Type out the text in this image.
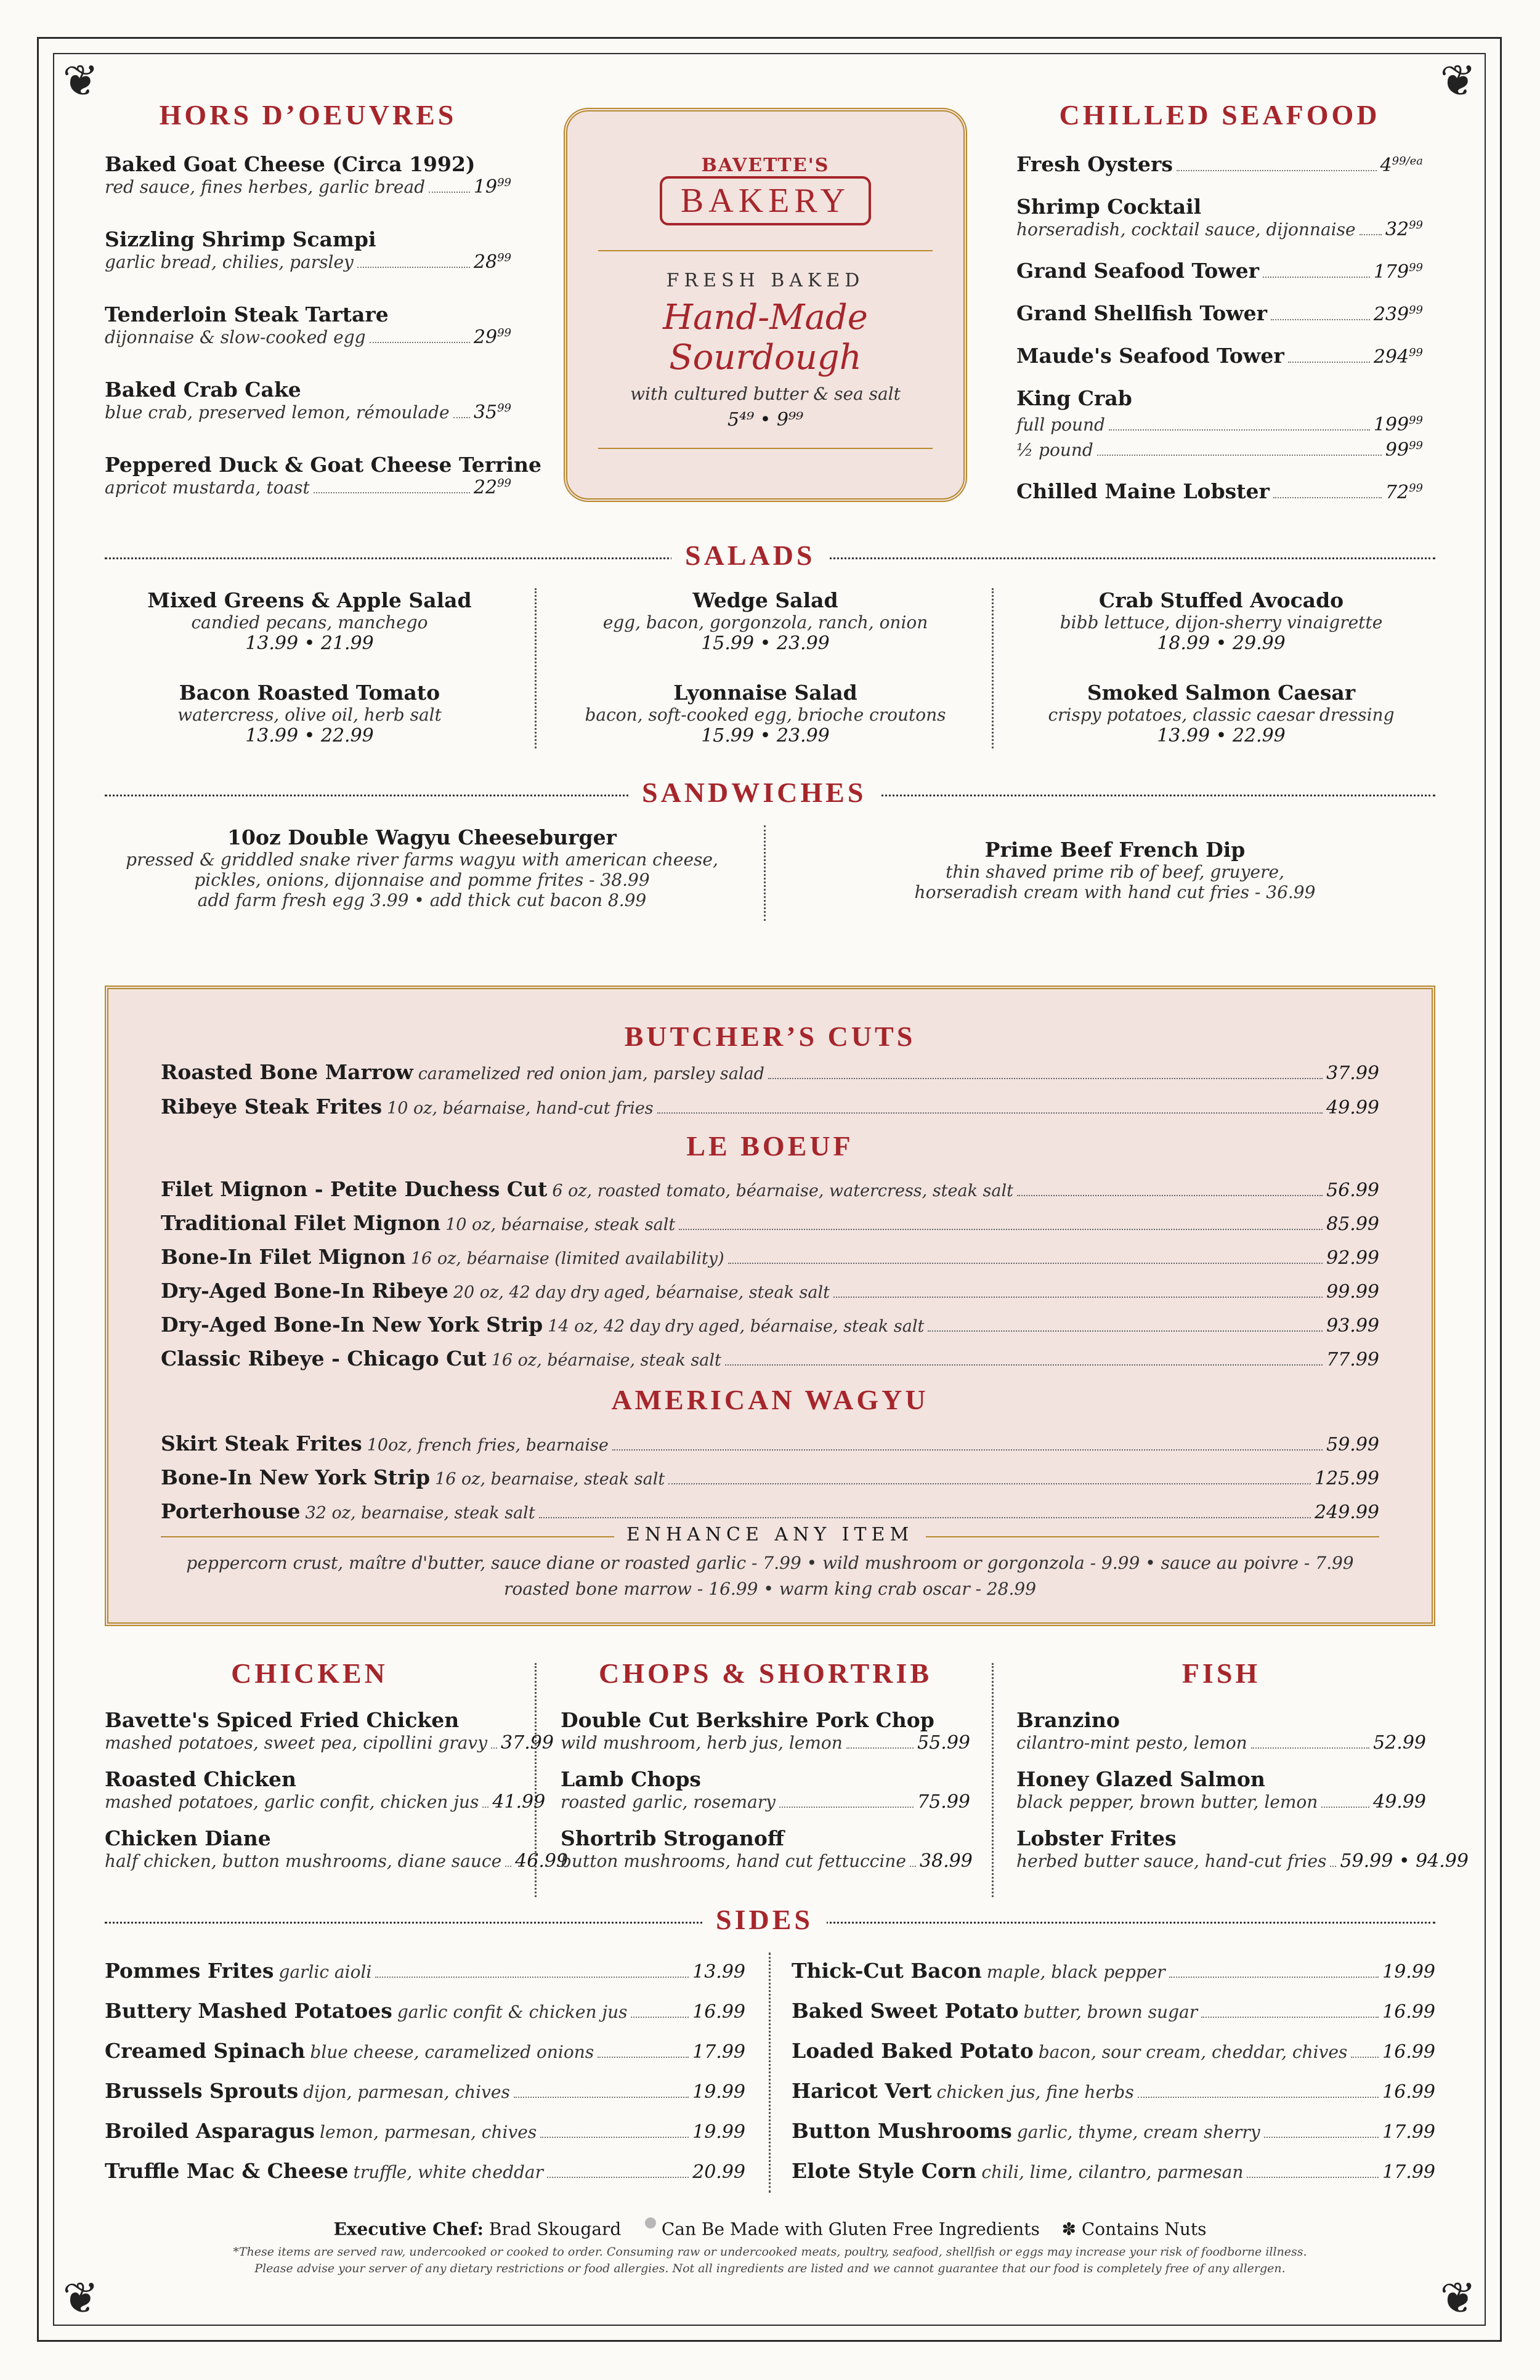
❦	❦
❦	❦
HORS D’OEUVRES
Baked Goat Cheese (Circa 1992)
red sauce, fines herbes, garlic bread	$19^{99}$
Sizzling Shrimp Scampi
garlic bread, chilies, parsley	$28^{99}$
Tenderloin Steak Tartare
dijonnaise & slow-cooked egg	$29^{99}$
Baked Crab Cake
blue crab, preserved lemon, rémoulade $35^{99}$
Peppered Duck & Goat Cheese Terrine
apricot mustarda, toast	$22^{99}$
BAVETTE'S
BAKERY
FRESH BAKED
Hand-Made Sourdough
with cultured butter & sea salt
5⁴⁹ • 9⁹⁹
CHILLED SEAFOOD
Fresh Oysters	$4^{99/ea}$
Shrimp Cocktail
horseradish, cocktail sauce, dijonnaise $32^{99}$
Grand Seafood Tower	$179^{99}$
Grand Shellfish Tower	$239^{99}$
Maude's Seafood Tower	$294^{99}$
King Crab
full pound	$199^{99}$
½ pound	$99^{99}$
Chilled Maine Lobster	$72^{99}$
SALADS
Mixed Greens & Apple Salad
candied pecans, manchego
13.99 • 21.99
Bacon Roasted Tomato
watercress, olive oil, herb salt
13.99 • 22.99
Wedge Salad
egg, bacon, gorgonzola, ranch, onion
15.99 • 23.99
Lyonnaise Salad
bacon, soft-cooked egg, brioche croutons
15.99 • 23.99
Crab Stuffed Avocado
bibb lettuce, dijon-sherry vinaigrette
18.99 • 29.99
Smoked Salmon Caesar
crispy potatoes, classic caesar dressing
13.99 • 22.99
SANDWICHES
10oz Double Wagyu Cheeseburger
pressed & griddled snake river farms wagyu with american cheese,
pickles, onions, dijonnaise and pomme frites - 38.99
add farm fresh egg 3.99 • add thick cut bacon 8.99
Prime Beef French Dip
thin shaved prime rib of beef, gruyere,
horseradish cream with hand cut fries - 36.99
BUTCHER’S CUTS
Roasted Bone Marrow caramelized red onion jam, parsley salad	37.99
Ribeye Steak Frites 10 oz, béarnaise, hand-cut fries	49.99
Filet Mignon - Petite Duchess Cut 6 oz, roasted tomato, béarnaise, watercress, steak salt	56.99
Traditional Filet Mignon 10 oz, béarnaise, steak salt	85.99
Bone-In Filet Mignon 16 oz, béarnaise (limited availability)	92.99
Dry-Aged Bone-In Ribeye 20 oz, 42 day dry aged, béarnaise, steak salt	99.99
Dry-Aged Bone-In New York Strip 14 oz, 42 day dry aged, béarnaise, steak salt	93.99
Classic Ribeye - Chicago Cut 16 oz, béarnaise, steak salt	77.99
Skirt Steak Frites 10oz, french fries, bearnaise	59.99
Bone-In New York Strip 16 oz, bearnaise, steak salt	125.99
Porterhouse 32 oz, bearnaise, steak salt	249.99
LE BOEUF
AMERICAN WAGYU
ENHANCE ANY ITEM
peppercorn crust, maître d'butter, sauce diane or roasted garlic - 7.99 • wild mushroom or gorgonzola - 9.99 • sauce au poivre - 7.99
roasted bone marrow - 16.99 • warm king crab oscar - 28.99
CHICKEN
Bavette's Spiced Fried Chicken
mashed potatoes, sweet pea, cipollini gravy 37.99
Roasted Chicken
mashed potatoes, garlic confit, chicken jus 41.99
Chicken Diane
half chicken, button mushrooms, diane sauce 46.99
CHOPS & SHORTRIB
Double Cut Berkshire Pork Chop
wild mushroom, herb jus, lemon	55.99
Lamb Chops
roasted garlic, rosemary	75.99
Shortrib Stroganoff
button mushrooms, hand cut fettuccine 38.99
FISH
Branzino
cilantro-mint pesto, lemon	52.99
Honey Glazed Salmon
black pepper, brown butter, lemon	49.99
Lobster Frites
herbed butter sauce, hand-cut fries 59.99 • 94.99
SIDES
Pommes Frites garlic aioli	13.99
Buttery Mashed Potatoes garlic confit & chicken jus	16.99
Creamed Spinach blue cheese, caramelized onions	17.99
Brussels Sprouts dijon, parmesan, chives	19.99
Broiled Asparagus lemon, parmesan, chives	19.99
Truffle Mac & Cheese truffle, white cheddar	20.99
Thick-Cut Bacon maple, black pepper	19.99
Baked Sweet Potato butter, brown sugar	16.99
Loaded Baked Potato bacon, sour cream, cheddar, chives 16.99
Haricot Vert chicken jus, fine herbs	16.99
Button Mushrooms garlic, thyme, cream sherry	17.99
Elote Style Corn chili, lime, cilantro, parmesan	17.99
Executive Chef: Brad Skougard Can Be Made with Gluten Free Ingredients ✽ Contains Nuts
*These items are served raw, undercooked or cooked to order. Consuming raw or undercooked meats, poultry, seafood, shellfish or eggs may increase your risk of foodborne illness.
Please advise your server of any dietary restrictions or food allergies. Not all ingredients are listed and we cannot guarantee that our food is completely free of any allergen.
